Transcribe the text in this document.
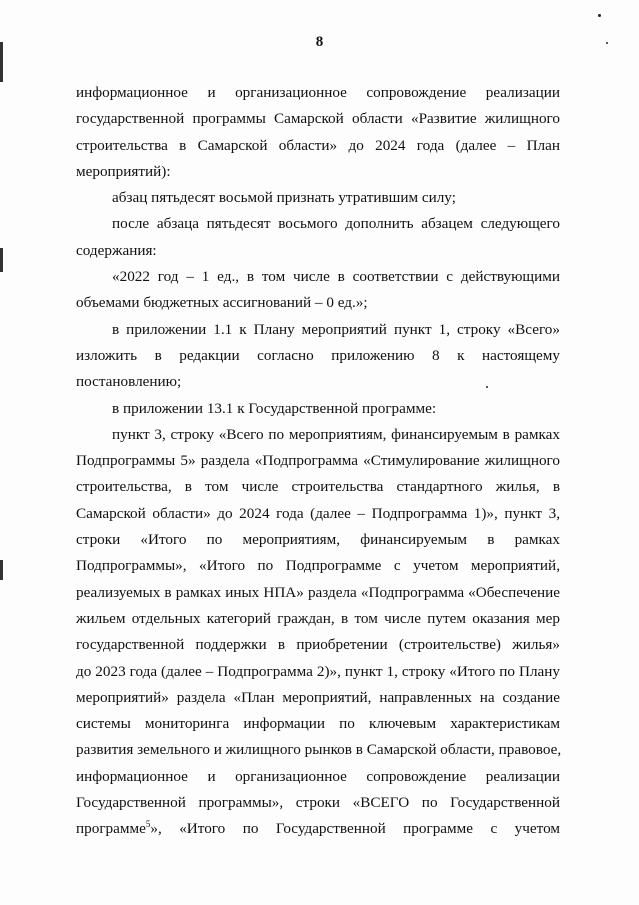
8
информационное и организационное сопровождение реализации
государственной программы Самарской области «Развитие жилищного
строительства в Самарской области» до 2024 года (далее – План
мероприятий):
абзац пятьдесят восьмой признать утратившим силу;
после абзаца пятьдесят восьмого дополнить абзацем следующего
содержания:
«2022 год – 1 ед., в том числе в соответствии с действующими
объемами бюджетных ассигнований – 0 ед.»;
в приложении 1.1 к Плану мероприятий пункт 1, строку «Всего»
изложить в редакции согласно приложению 8 к настоящему
постановлению;
в приложении 13.1 к Государственной программе:
пункт 3, строку «Всего по мероприятиям, финансируемым в рамках
Подпрограммы 5» раздела «Подпрограмма «Стимулирование жилищного
строительства, в том числе строительства стандартного жилья, в
Самарской области» до 2024 года (далее – Подпрограмма 1)», пункт 3,
строки «Итого по мероприятиям, финансируемым в рамках
Подпрограммы», «Итого по Подпрограмме с учетом мероприятий,
реализуемых в рамках иных НПА» раздела «Подпрограмма «Обеспечение
жильем отдельных категорий граждан, в том числе путем оказания мер
государственной поддержки в приобретении (строительстве) жилья»
до 2023 года (далее – Подпрограмма 2)», пункт 1, строку «Итого по Плану
мероприятий» раздела «План мероприятий, направленных на создание
системы мониторинга информации по ключевым характеристикам
развития земельного и жилищного рынков в Самарской области, правовое,
информационное и организационное сопровождение реализации
Государственной программы», строки «ВСЕГО по Государственной
программе$^5$», «Итого по Государственной программе с учетом
